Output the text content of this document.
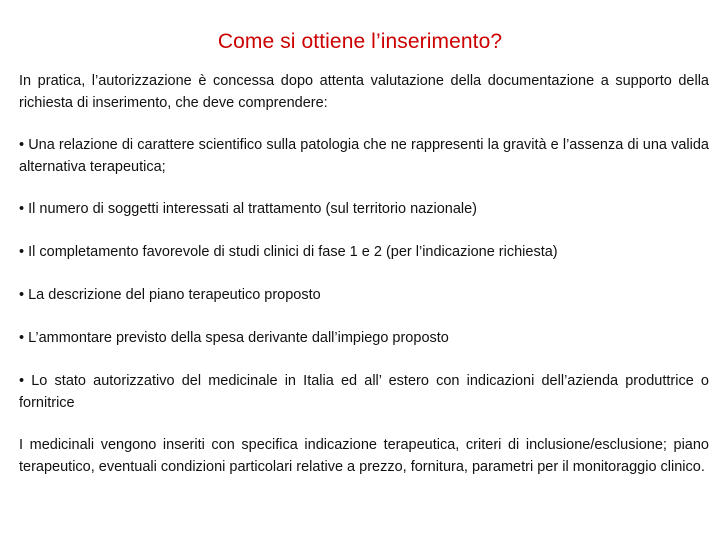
Come si ottiene l’inserimento?

In pratica, l’autorizzazione è concessa dopo attenta valutazione della documentazione a supporto della richiesta di inserimento, che deve comprendere:

• Una relazione di carattere scientifico sulla patologia che ne rappresenti la gravità e l’assenza di una valida alternativa terapeutica;

• Il numero di soggetti interessati al trattamento (sul territorio nazionale)

• Il completamento favorevole di studi clinici di fase 1 e 2 (per l’indicazione richiesta)

• La descrizione del piano terapeutico proposto

• L’ammontare previsto della spesa derivante dall’impiego proposto

• Lo stato autorizzativo del medicinale in Italia ed all’ estero con indicazioni dell’azienda produttrice o fornitrice

I medicinali vengono inseriti con specifica indicazione terapeutica, criteri di inclusione/esclusione; piano terapeutico, eventuali condizioni particolari relative a prezzo, fornitura, parametri per il monitoraggio clinico.
